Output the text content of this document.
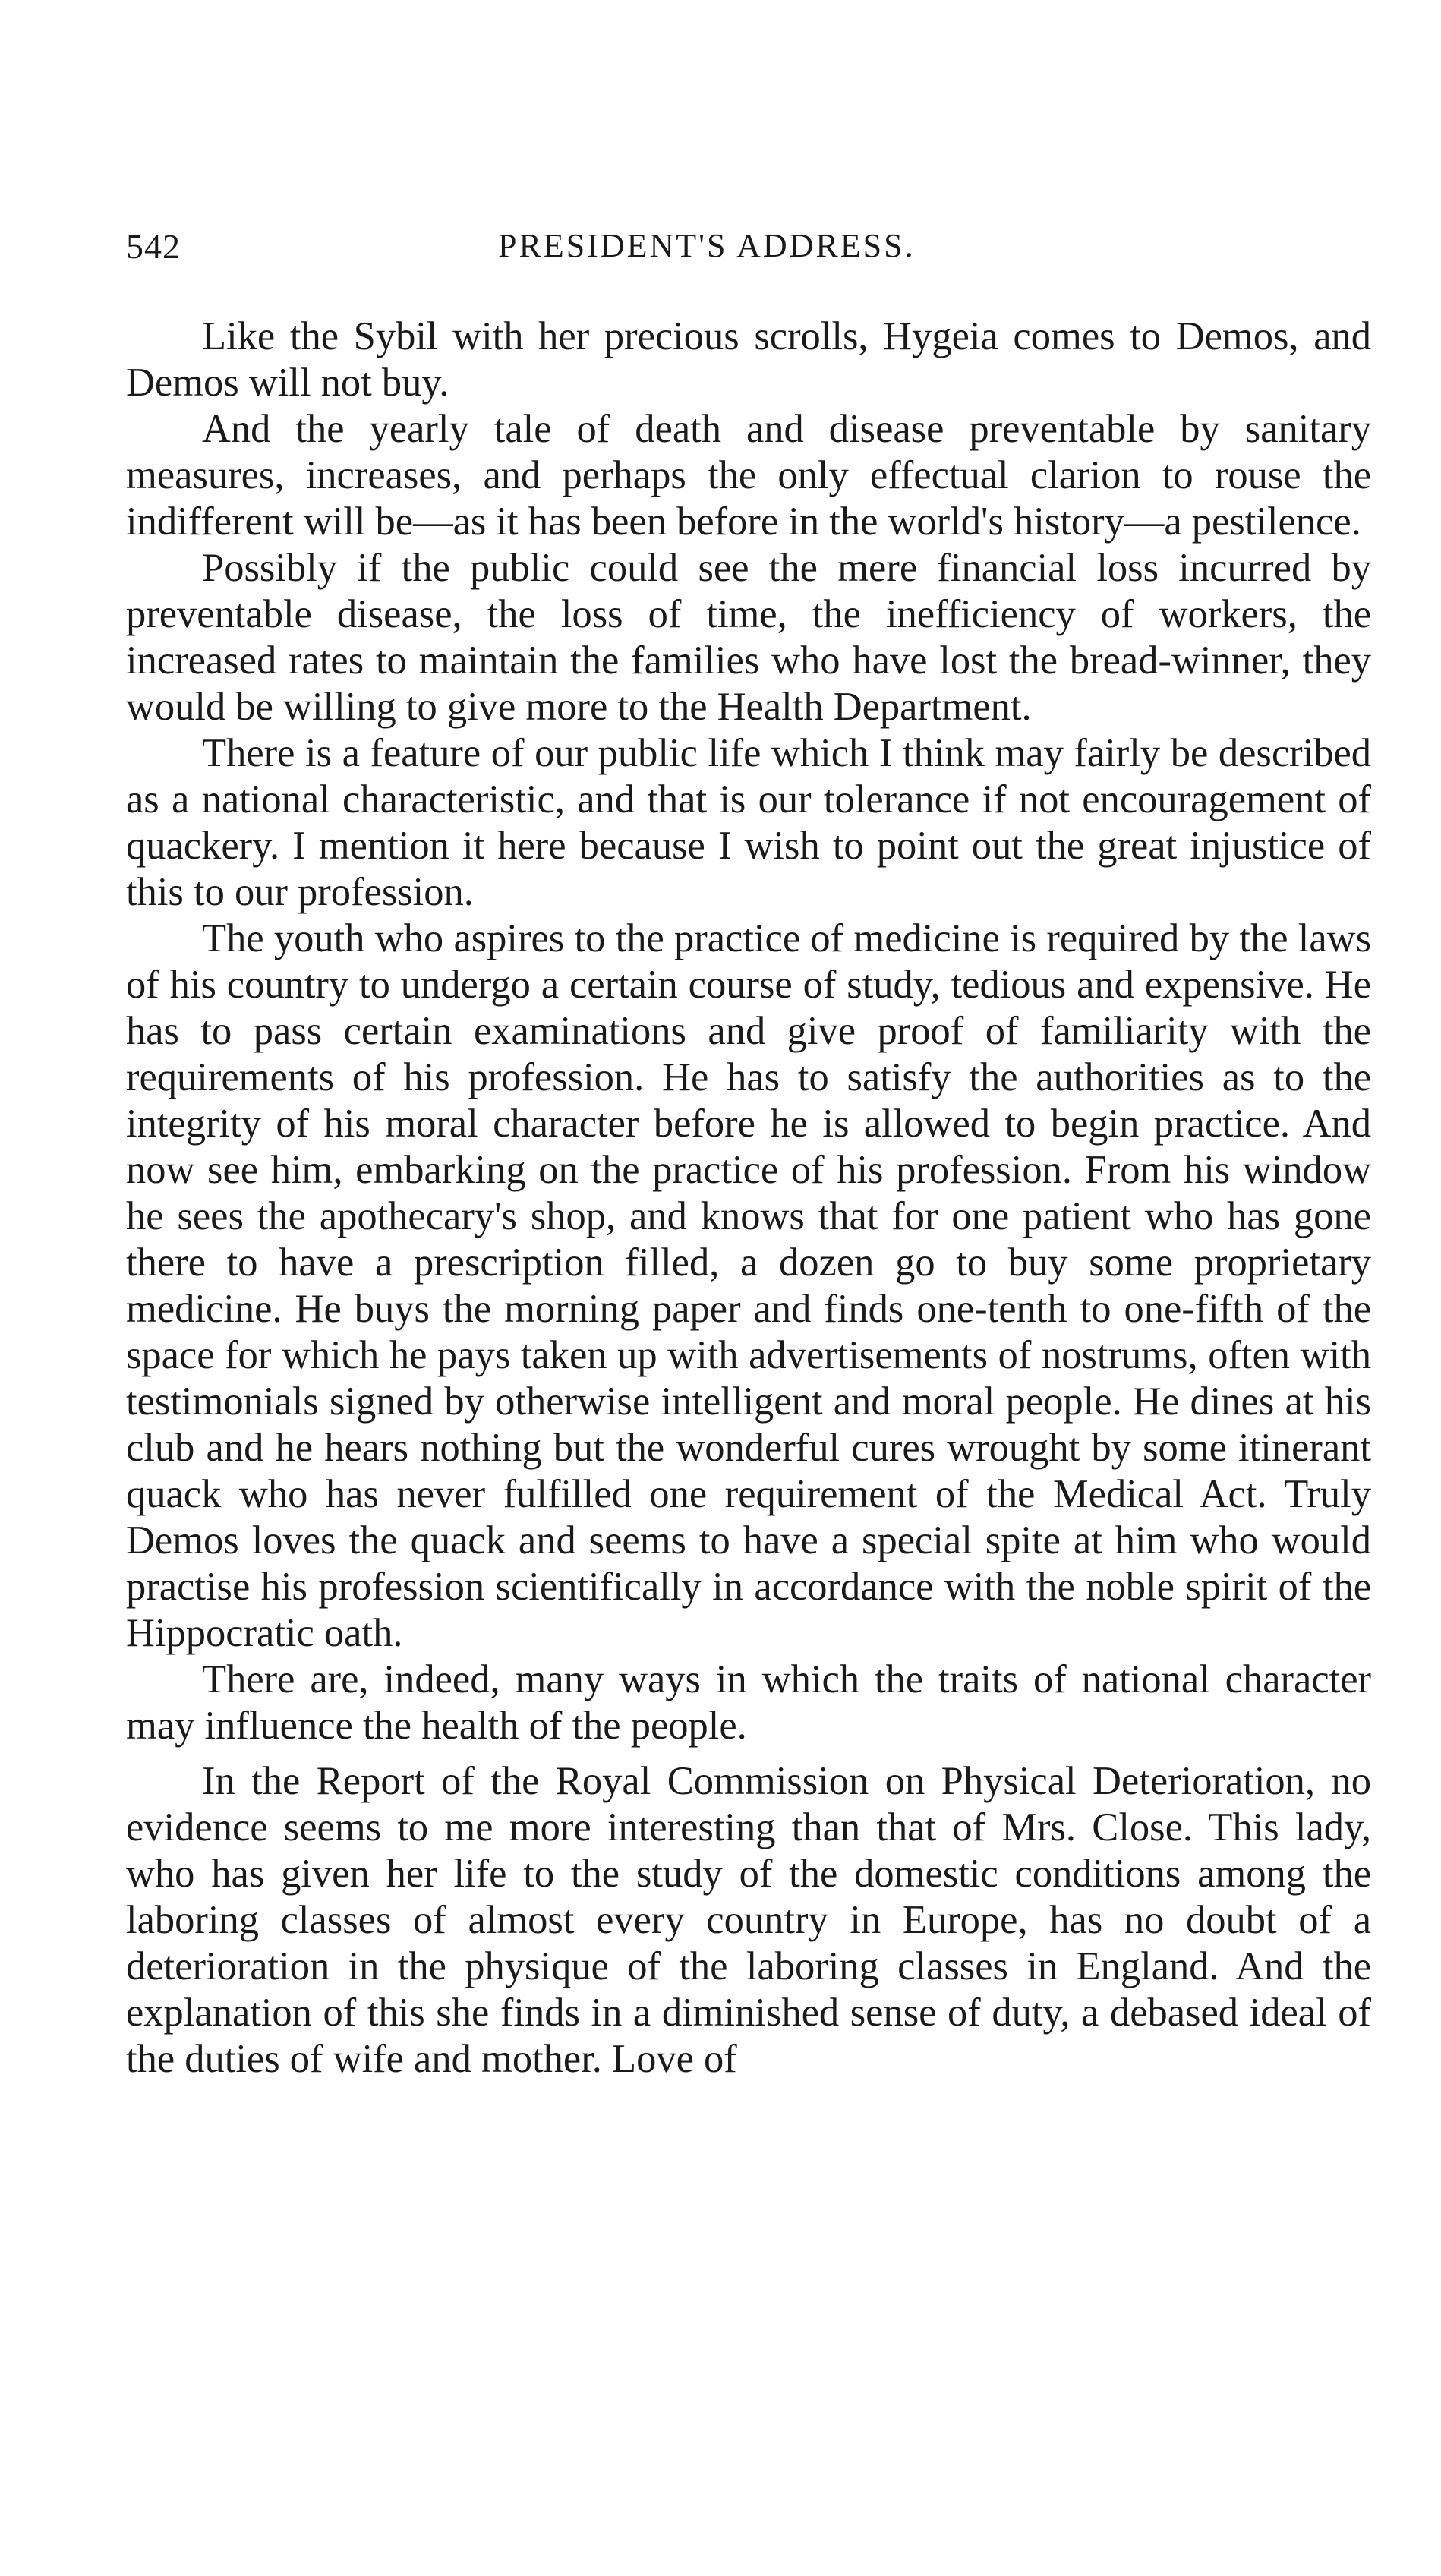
542	PRESIDENT'S ADDRESS.

Like the Sybil with her precious scrolls, Hygeia comes to Demos, and Demos will not buy.

And the yearly tale of death and disease preventable by sanitary measures, increases, and perhaps the only effectual clarion to rouse the indifferent will be—as it has been before in the world's history—a pestilence.

Possibly if the public could see the mere financial loss incurred by preventable disease, the loss of time, the inefficiency of workers, the increased rates to maintain the families who have lost the bread-winner, they would be willing to give more to the Health Department.

There is a feature of our public life which I think may fairly be described as a national characteristic, and that is our tolerance if not encouragement of quackery. I mention it here because I wish to point out the great injustice of this to our profession.

The youth who aspires to the practice of medicine is required by the laws of his country to undergo a certain course of study, tedious and expensive. He has to pass certain examinations and give proof of familiarity with the requirements of his profession. He has to satisfy the authorities as to the integrity of his moral character before he is allowed to begin practice. And now see him, embarking on the practice of his profession. From his window he sees the apothecary's shop, and knows that for one patient who has gone there to have a prescription filled, a dozen go to buy some proprietary medicine. He buys the morning paper and finds one-tenth to one-fifth of the space for which he pays taken up with advertisements of nostrums, often with testimonials signed by otherwise intelligent and moral people. He dines at his club and he hears nothing but the wonderful cures wrought by some itinerant quack who has never fulfilled one requirement of the Medical Act. Truly Demos loves the quack and seems to have a special spite at him who would practise his profession scientifically in accordance with the noble spirit of the Hippocratic oath.

There are, indeed, many ways in which the traits of national character may influence the health of the people.

In the Report of the Royal Commission on Physical Deterioration, no evidence seems to me more interesting than that of Mrs. Close. This lady, who has given her life to the study of the domestic conditions among the laboring classes of almost every country in Europe, has no doubt of a deterioration in the physique of the laboring classes in England. And the explanation of this she finds in a diminished sense of duty, a debased ideal of the duties of wife and mother. Love of
